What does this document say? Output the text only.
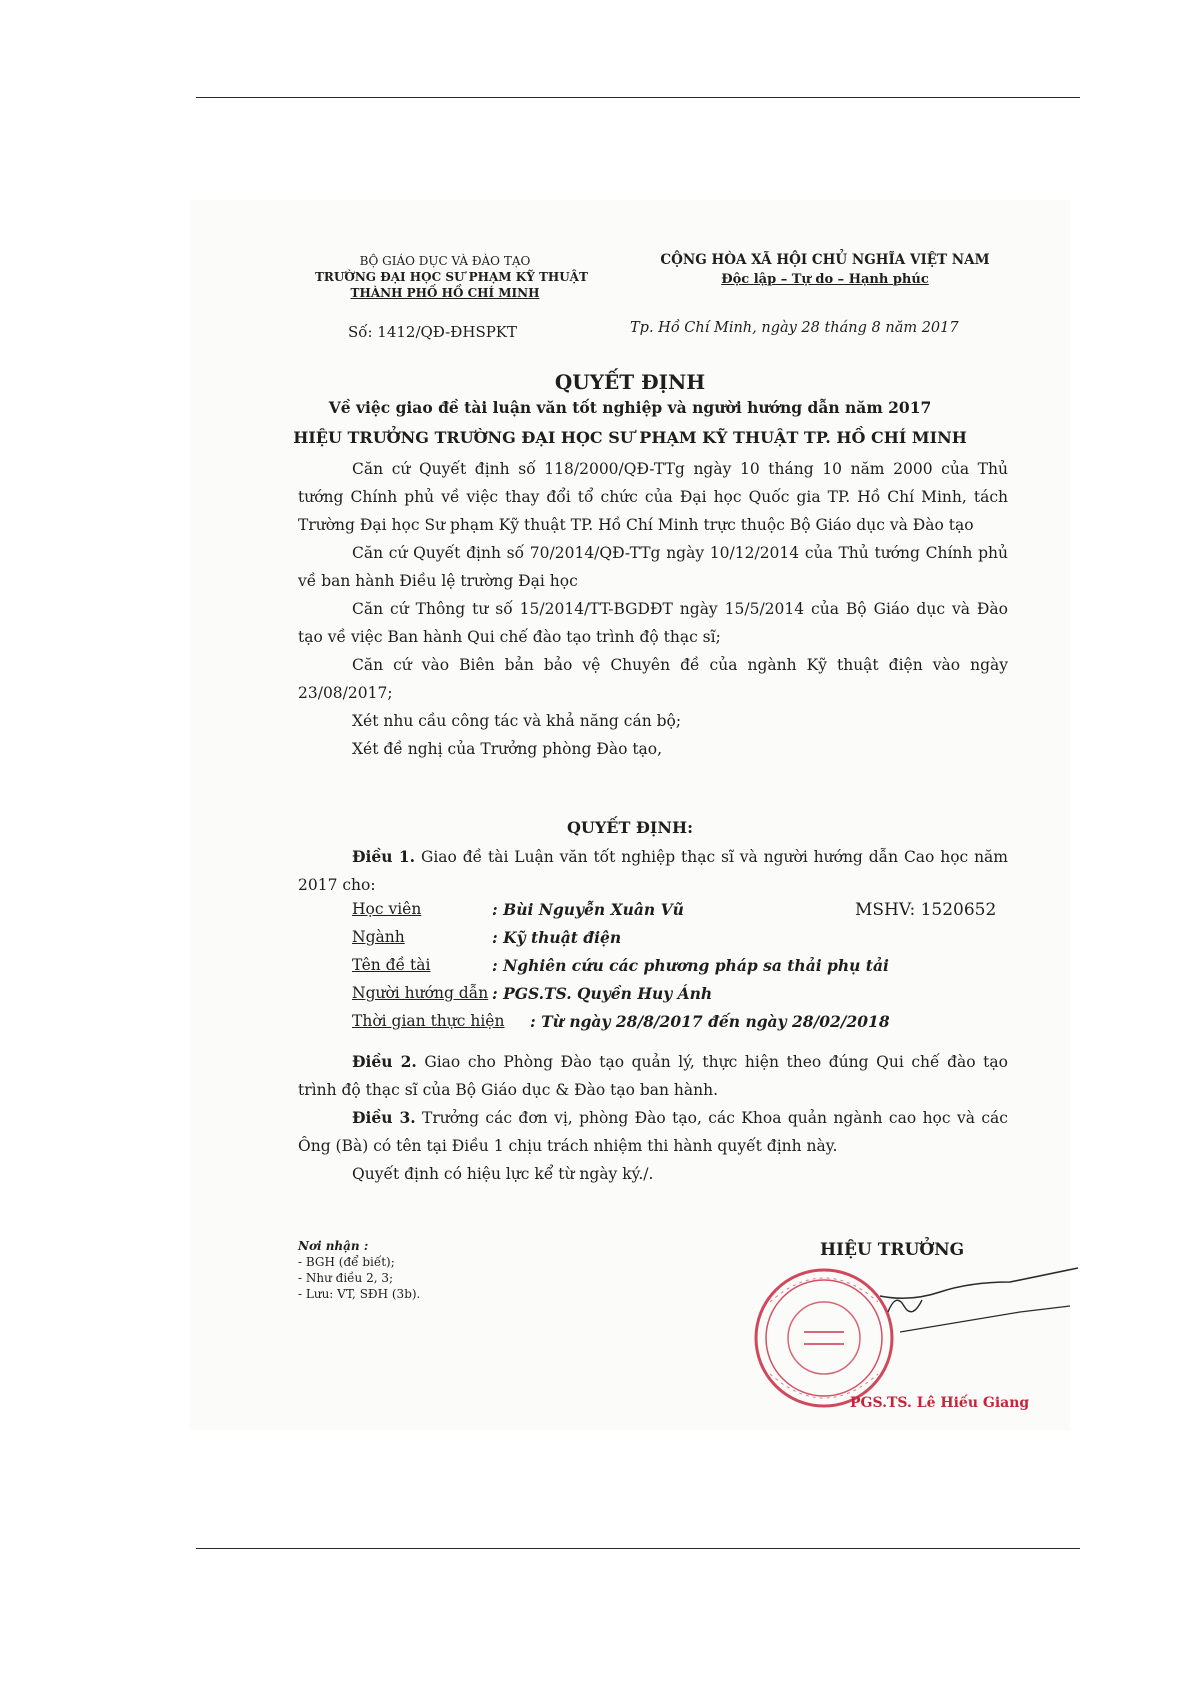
BỘ GIÁO DỤC VÀ ĐÀO TẠO
TRƯỜNG ĐẠI HỌC SƯ PHẠM KỸ THUẬT
THÀNH PHỐ HỒ CHÍ MINH
Số: 1412/QĐ-ĐHSPKT
CỘNG HÒA XÃ HỘI CHỦ NGHĨA VIỆT NAM
Độc lập – Tự do – Hạnh phúc
Tp. Hồ Chí Minh, ngày 28 tháng 8 năm 2017
QUYẾT ĐỊNH
Về việc giao đề tài luận văn tốt nghiệp và người hướng dẫn năm 2017
HIỆU TRƯỞNG TRƯỜNG ĐẠI HỌC SƯ PHẠM KỸ THUẬT TP. HỒ CHÍ MINH

Căn cứ Quyết định số 118/2000/QĐ-TTg ngày 10 tháng 10 năm 2000 của Thủ tướng Chính phủ về việc thay đổi tổ chức của Đại học Quốc gia TP. Hồ Chí Minh, tách Trường Đại học Sư phạm Kỹ thuật TP. Hồ Chí Minh trực thuộc Bộ Giáo dục và Đào tạo

Căn cứ Quyết định số 70/2014/QĐ-TTg ngày 10/12/2014 của Thủ tướng Chính phủ về ban hành Điều lệ trường Đại học

Căn cứ Thông tư số 15/2014/TT-BGDĐT ngày 15/5/2014 của Bộ Giáo dục và Đào tạo về việc Ban hành Qui chế đào tạo trình độ thạc sĩ;

Căn cứ vào Biên bản bảo vệ Chuyên đề của ngành Kỹ thuật điện vào ngày 23/08/2017;

Xét nhu cầu công tác và khả năng cán bộ;

Xét đề nghị của Trưởng phòng Đào tạo,

QUYẾT ĐỊNH:
Điều 1. Giao đề tài Luận văn tốt nghiệp thạc sĩ và người hướng dẫn Cao học năm 2017 cho:
Học viên	: Bùi Nguyễn Xuân Vũ	MSHV: 1520652
Ngành	: Kỹ thuật điện
Tên đề tài	: Nghiên cứu các phương pháp sa thải phụ tải
Người hướng dẫn : PGS.TS. Quyền Huy Ánh
Thời gian thực hiện : Từ ngày 28/8/2017 đến ngày 28/02/2018

Điều 2. Giao cho Phòng Đào tạo quản lý, thực hiện theo đúng Qui chế đào tạo trình độ thạc sĩ của Bộ Giáo dục & Đào tạo ban hành.

Điều 3. Trưởng các đơn vị, phòng Đào tạo, các Khoa quản ngành cao học và các Ông (Bà) có tên tại Điều 1 chịu trách nhiệm thi hành quyết định này.

Quyết định có hiệu lực kể từ ngày ký./.

Nơi nhận :
- BGH (để biết);
- Như điều 2, 3;
- Lưu: VT, SĐH (3b).
HIỆU TRƯỞNG
PGS.TS. Lê Hiếu Giang
